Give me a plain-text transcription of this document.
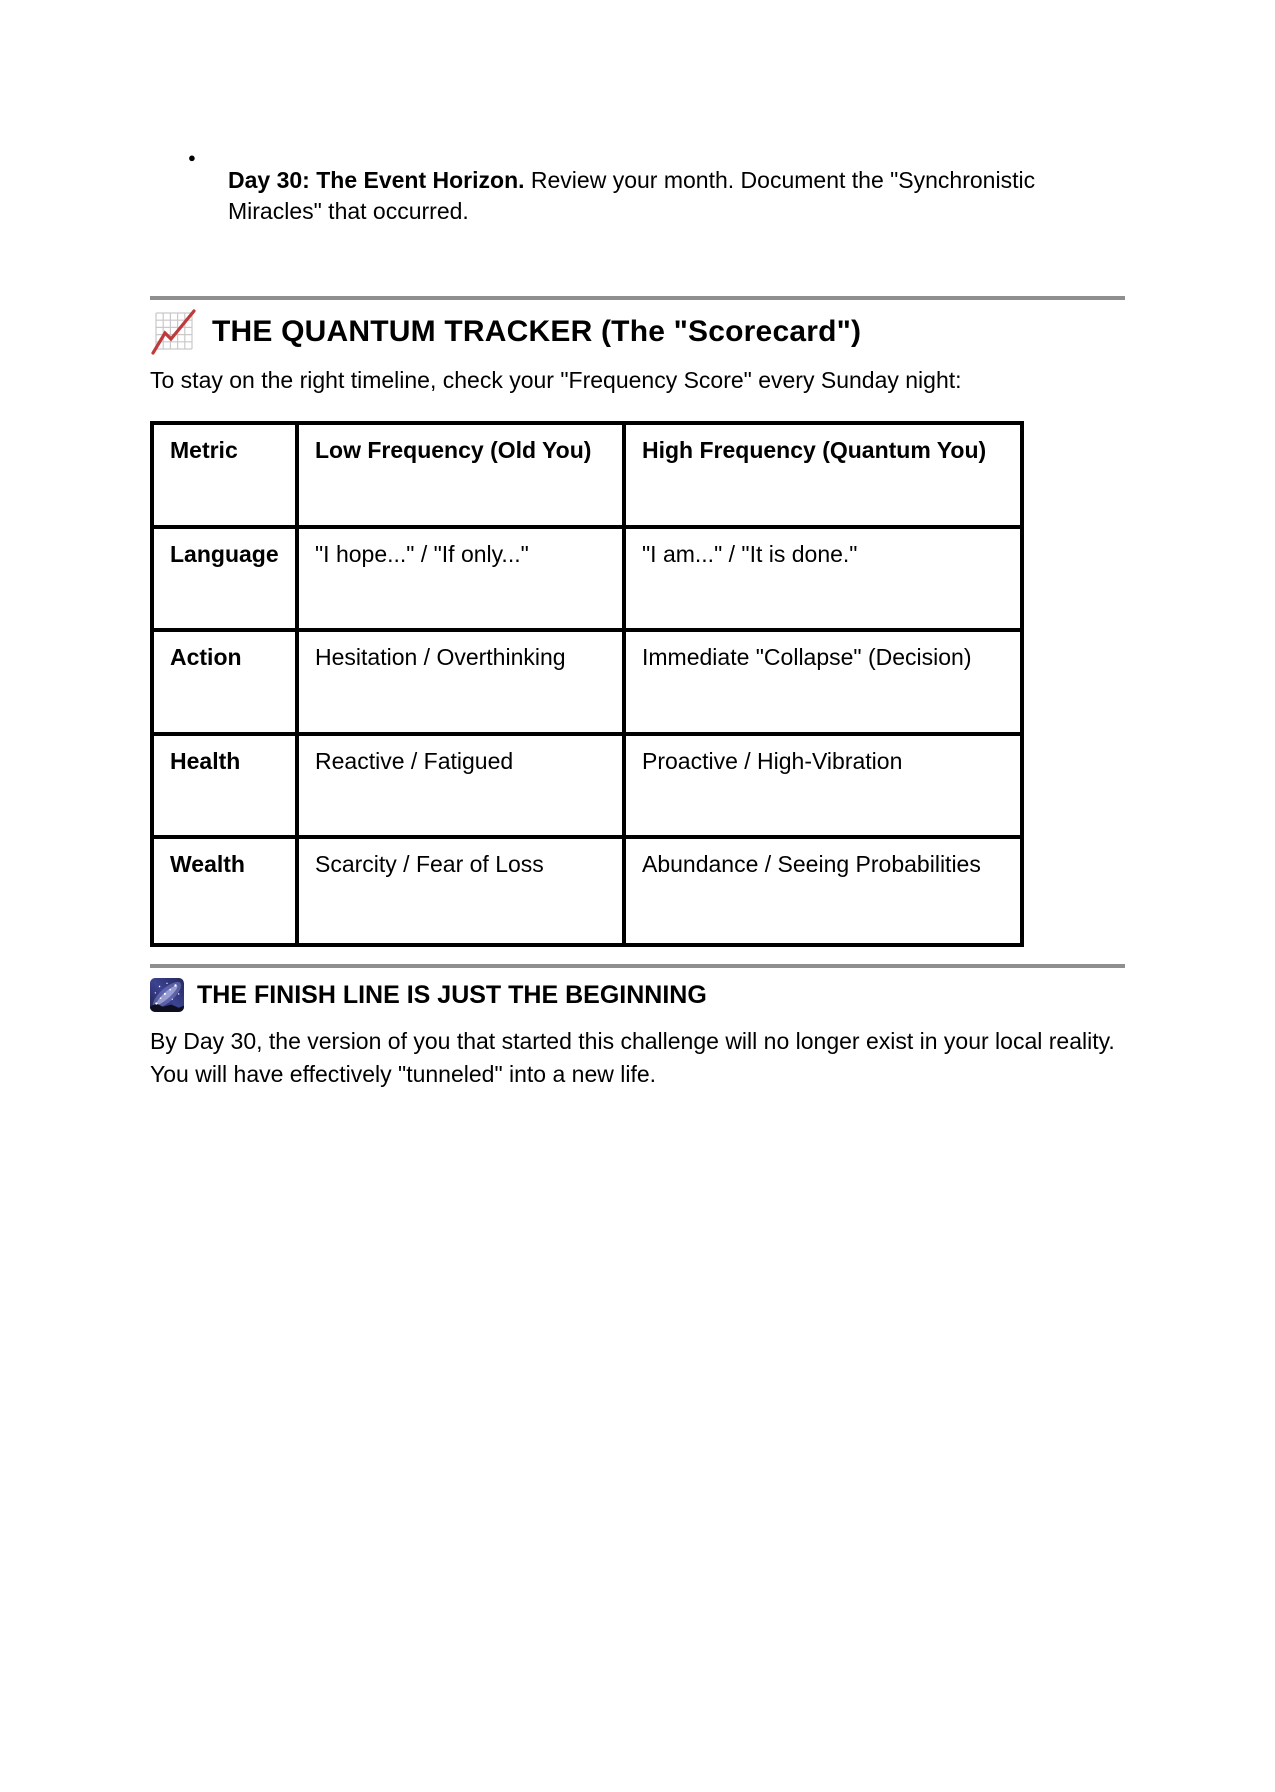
●

Day 30: The Event Horizon. Review your month. Document the "Synchronistic Miracles" that occurred.

THE QUANTUM TRACKER (The "Scorecard")

To stay on the right timeline, check your "Frequency Score" every Sunday night:

Metric	Low Frequency (Old You)	High Frequency (Quantum You)
Language	"I hope..." / "If only..."	"I am..." / "It is done."
Action	Hesitation / Overthinking	Immediate "Collapse" (Decision)
Health	Reactive / Fatigued	Proactive / High-Vibration
Wealth	Scarcity / Fear of Loss	Abundance / Seeing Probabilities
THE FINISH LINE IS JUST THE BEGINNING

By Day 30, the version of you that started this challenge will no longer exist in your local reality. You will have effectively "tunneled" into a new life.
